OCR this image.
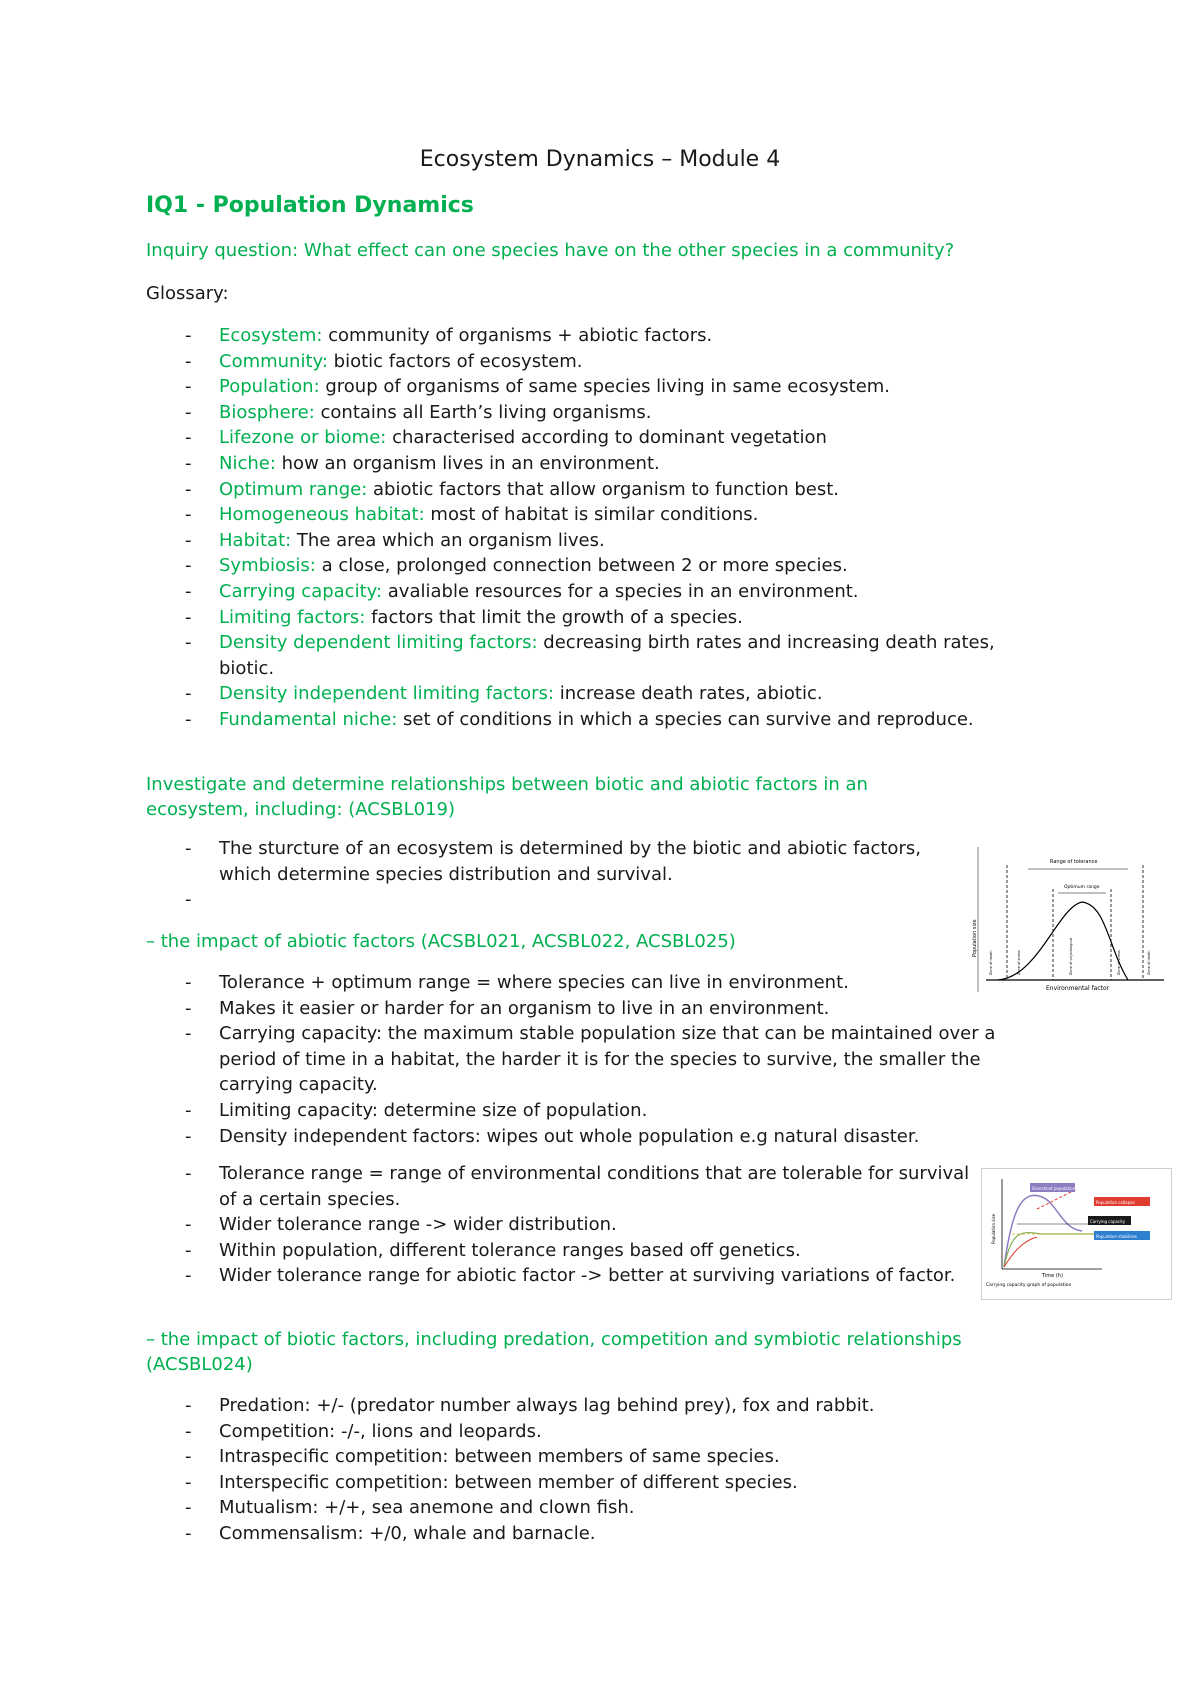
Ecosystem Dynamics – Module 4
IQ1 - Population Dynamics
Inquiry question: What effect can one species have on the other species in a community?
Glossary:
- Ecosystem: community of organisms + abiotic factors.
- Community: biotic factors of ecosystem.
- Population: group of organisms of same species living in same ecosystem.
- Biosphere: contains all Earth’s living organisms.
- Lifezone or biome: characterised according to dominant vegetation
- Niche: how an organism lives in an environment.
- Optimum range: abiotic factors that allow organism to function best.
- Homogeneous habitat: most of habitat is similar conditions.
- Habitat: The area which an organism lives.
- Symbiosis: a close, prolonged connection between 2 or more species.
- Carrying capacity: avaliable resources for a species in an environment.
- Limiting factors: factors that limit the growth of a species.
- Density dependent limiting factors: decreasing birth rates and increasing death rates, biotic.
- Density independent limiting factors: increase death rates, abiotic.
- Fundamental niche: set of conditions in which a species can survive and reproduce.
Investigate and determine relationships between biotic and abiotic factors in an ecosystem, including: (ACSBL019)
- The sturcture of an ecosystem is determined by the biotic and abiotic factors, which determine species distribution and survival.
-
– the impact of abiotic factors (ACSBL021, ACSBL022, ACSBL025)
- Tolerance + optimum range = where species can live in environment.
- Makes it easier or harder for an organism to live in an environment.
- Carrying capacity: the maximum stable population size that can be maintained over a period of time in a habitat, the harder it is for the species to survive, the smaller the carrying capacity.
- Limiting capacity: determine size of population.
- Density independent factors: wipes out whole population e.g natural disaster.
- Tolerance range = range of environmental conditions that are tolerable for survival of a certain species.
- Wider tolerance range -> wider distribution.
- Within population, different tolerance ranges based off genetics.
- Wider tolerance range for abiotic factor -> better at surviving variations of factor.
– the impact of biotic factors, including predation, competition and symbiotic relationships (ACSBL024)
- Predation: +/- (predator number always lag behind prey), fox and rabbit.
- Competition: -/-, lions and leopards.
- Intraspecific competition: between members of same species.
- Interspecific competition: between member of different species.
- Mutualism: +/+, sea anemone and clown fish.
- Commensalism: +/0, whale and barnacle.
Population size
Environmental factor
Range of tolerance
Optimum range
Zone of death	Zone of stress	Zone of physiological	Zone of stress	Zone of death
Population size
Time (h)
Overshoot population
Population collapse
Carrying capacity
Population stabilises
Carrying capacity graph of population
